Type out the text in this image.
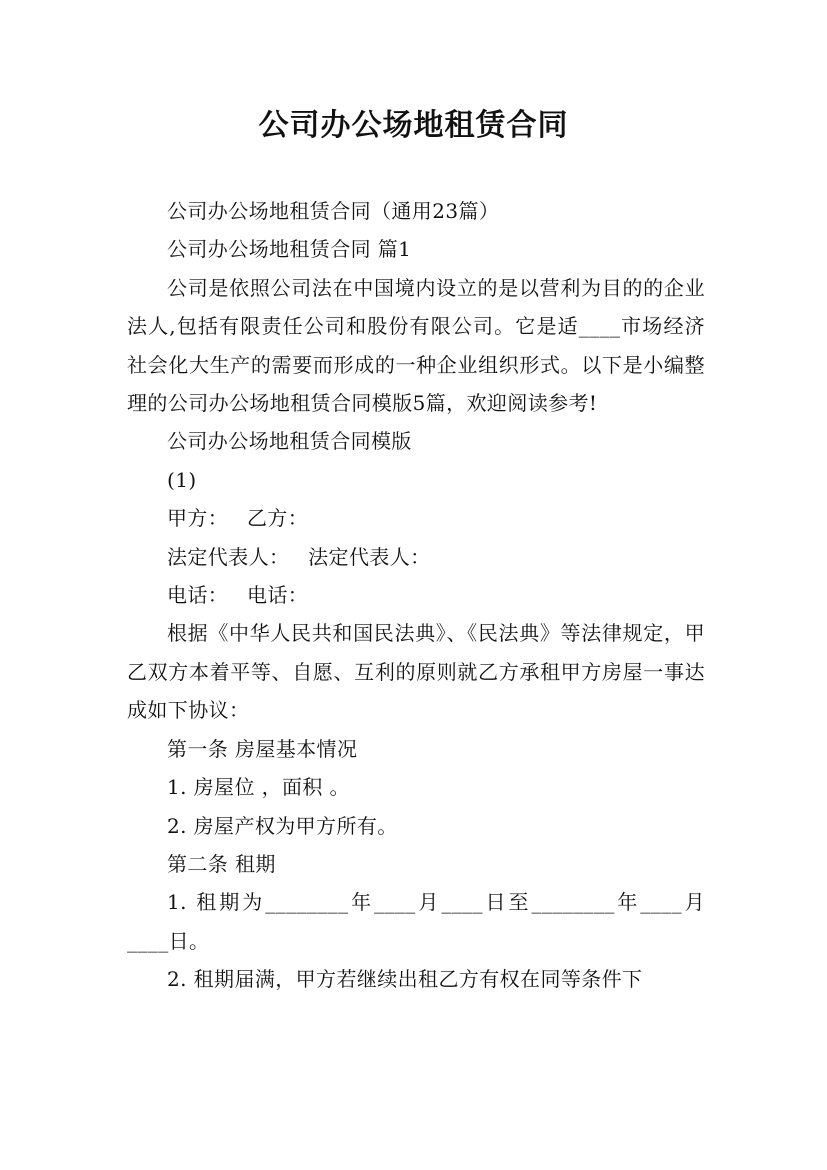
公司办公场地租赁合同

公司办公场地租赁合同（通用23篇）

公司办公场地租赁合同 篇1

公司是依照公司法在中国境内设立的是以营利为目的的企业法人,包括有限责任公司和股份有限公司。它是适____市场经济社会化大生产的需要而形成的一种企业组织形式。以下是小编整理的公司办公场地租赁合同模版5篇，欢迎阅读参考!

公司办公场地租赁合同模版

(1)

甲方： 乙方：

法定代表人： 法定代表人：

电话： 电话：

根据《中华人民共和国民法典》、《民法典》等法律规定，甲乙双方本着平等、自愿、互利的原则就乙方承租甲方房屋一事达成如下协议：

第一条 房屋基本情况

1. 房屋位 ，面积 。

2. 房屋产权为甲方所有。

第二条 租期

1. 租期为________年____月____日至________年____月____日。

2. 租期届满，甲方若继续出租乙方有权在同等条件下
